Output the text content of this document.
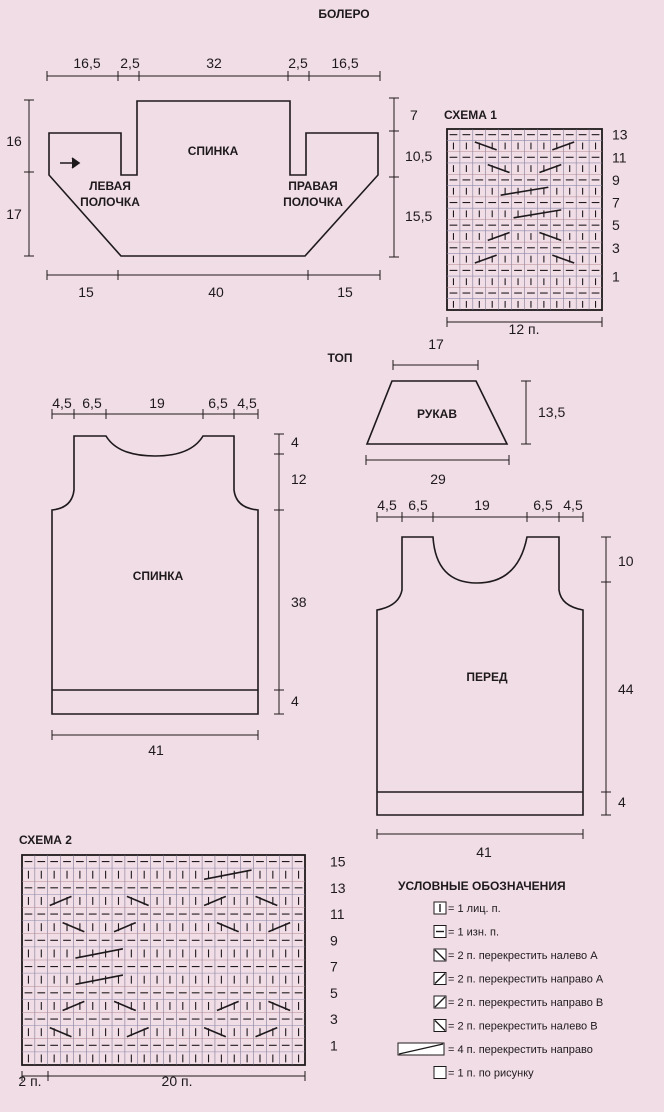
БОЛЕРО
СПИНКА
ЛЕВАЯ
ПОЛОЧКА
ПРАВАЯ
ПОЛОЧКА
16,5 2,5	32	2,5 16,5
15	40	15
16
17
7
10,5
15,5
СХЕМА 1
13
11
9
7
5
3
1
12 п.
ТОП
17
РУКАВ	13,5
29
4,5 6,5	19	6,5 4,5
СПИНКА
4
12
38
4
41
4,5 6,5	19	6,5 4,5
ПЕРЕД
10
44
4
41
СХЕМА 2
15
13
11
9
7
5
3
1
2 п.	20 п.
УСЛОВНЫЕ ОБОЗНАЧЕНИЯ
= 1 лиц. п.
= 1 изн. п.
= 2 п. перекрестить налево А
= 2 п. перекрестить направо А
= 2 п. перекрестить направо В
= 2 п. перекрестить налево В
= 4 п. перекрестить направо
= 1 п. по рисунку
